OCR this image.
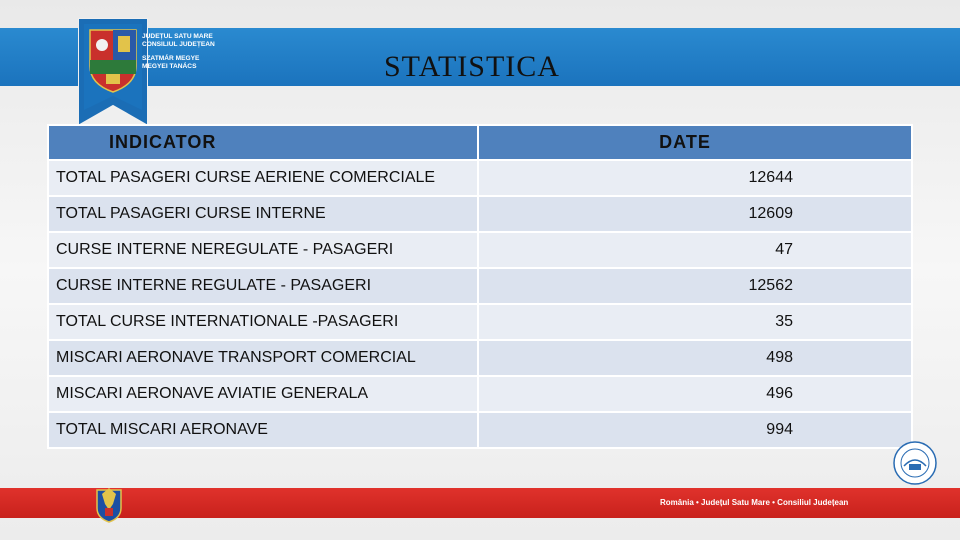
JUDEȚUL SATU MARE
CONSILIUL JUDEȚEAN
SZATMÁR MEGYE
MEGYEI TANÁCS	STATISTICA
INDICATOR	DATE
TOTAL PASAGERI CURSE AERIENE COMERCIALE	12644
TOTAL PASAGERI CURSE INTERNE	12609
CURSE INTERNE NEREGULATE - PASAGERI	47
CURSE INTERNE REGULATE - PASAGERI	12562
TOTAL CURSE INTERNATIONALE -PASAGERI	35
MISCARI AERONAVE TRANSPORT COMERCIAL	498
MISCARI AERONAVE AVIATIE GENERALA	496
TOTAL MISCARI AERONAVE	994
România • Județul Satu Mare • Consiliul Județean
